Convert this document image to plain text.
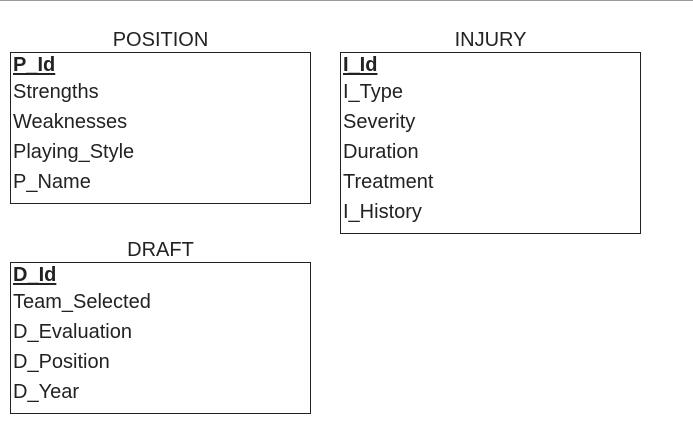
POSITION
P_Id
Strengths
Weaknesses
Playing_Style
P_Name
INJURY
I_Id
I_Type
Severity
Duration
Treatment
I_History
DRAFT
D_Id
Team_Selected
D_Evaluation
D_Position
D_Year
